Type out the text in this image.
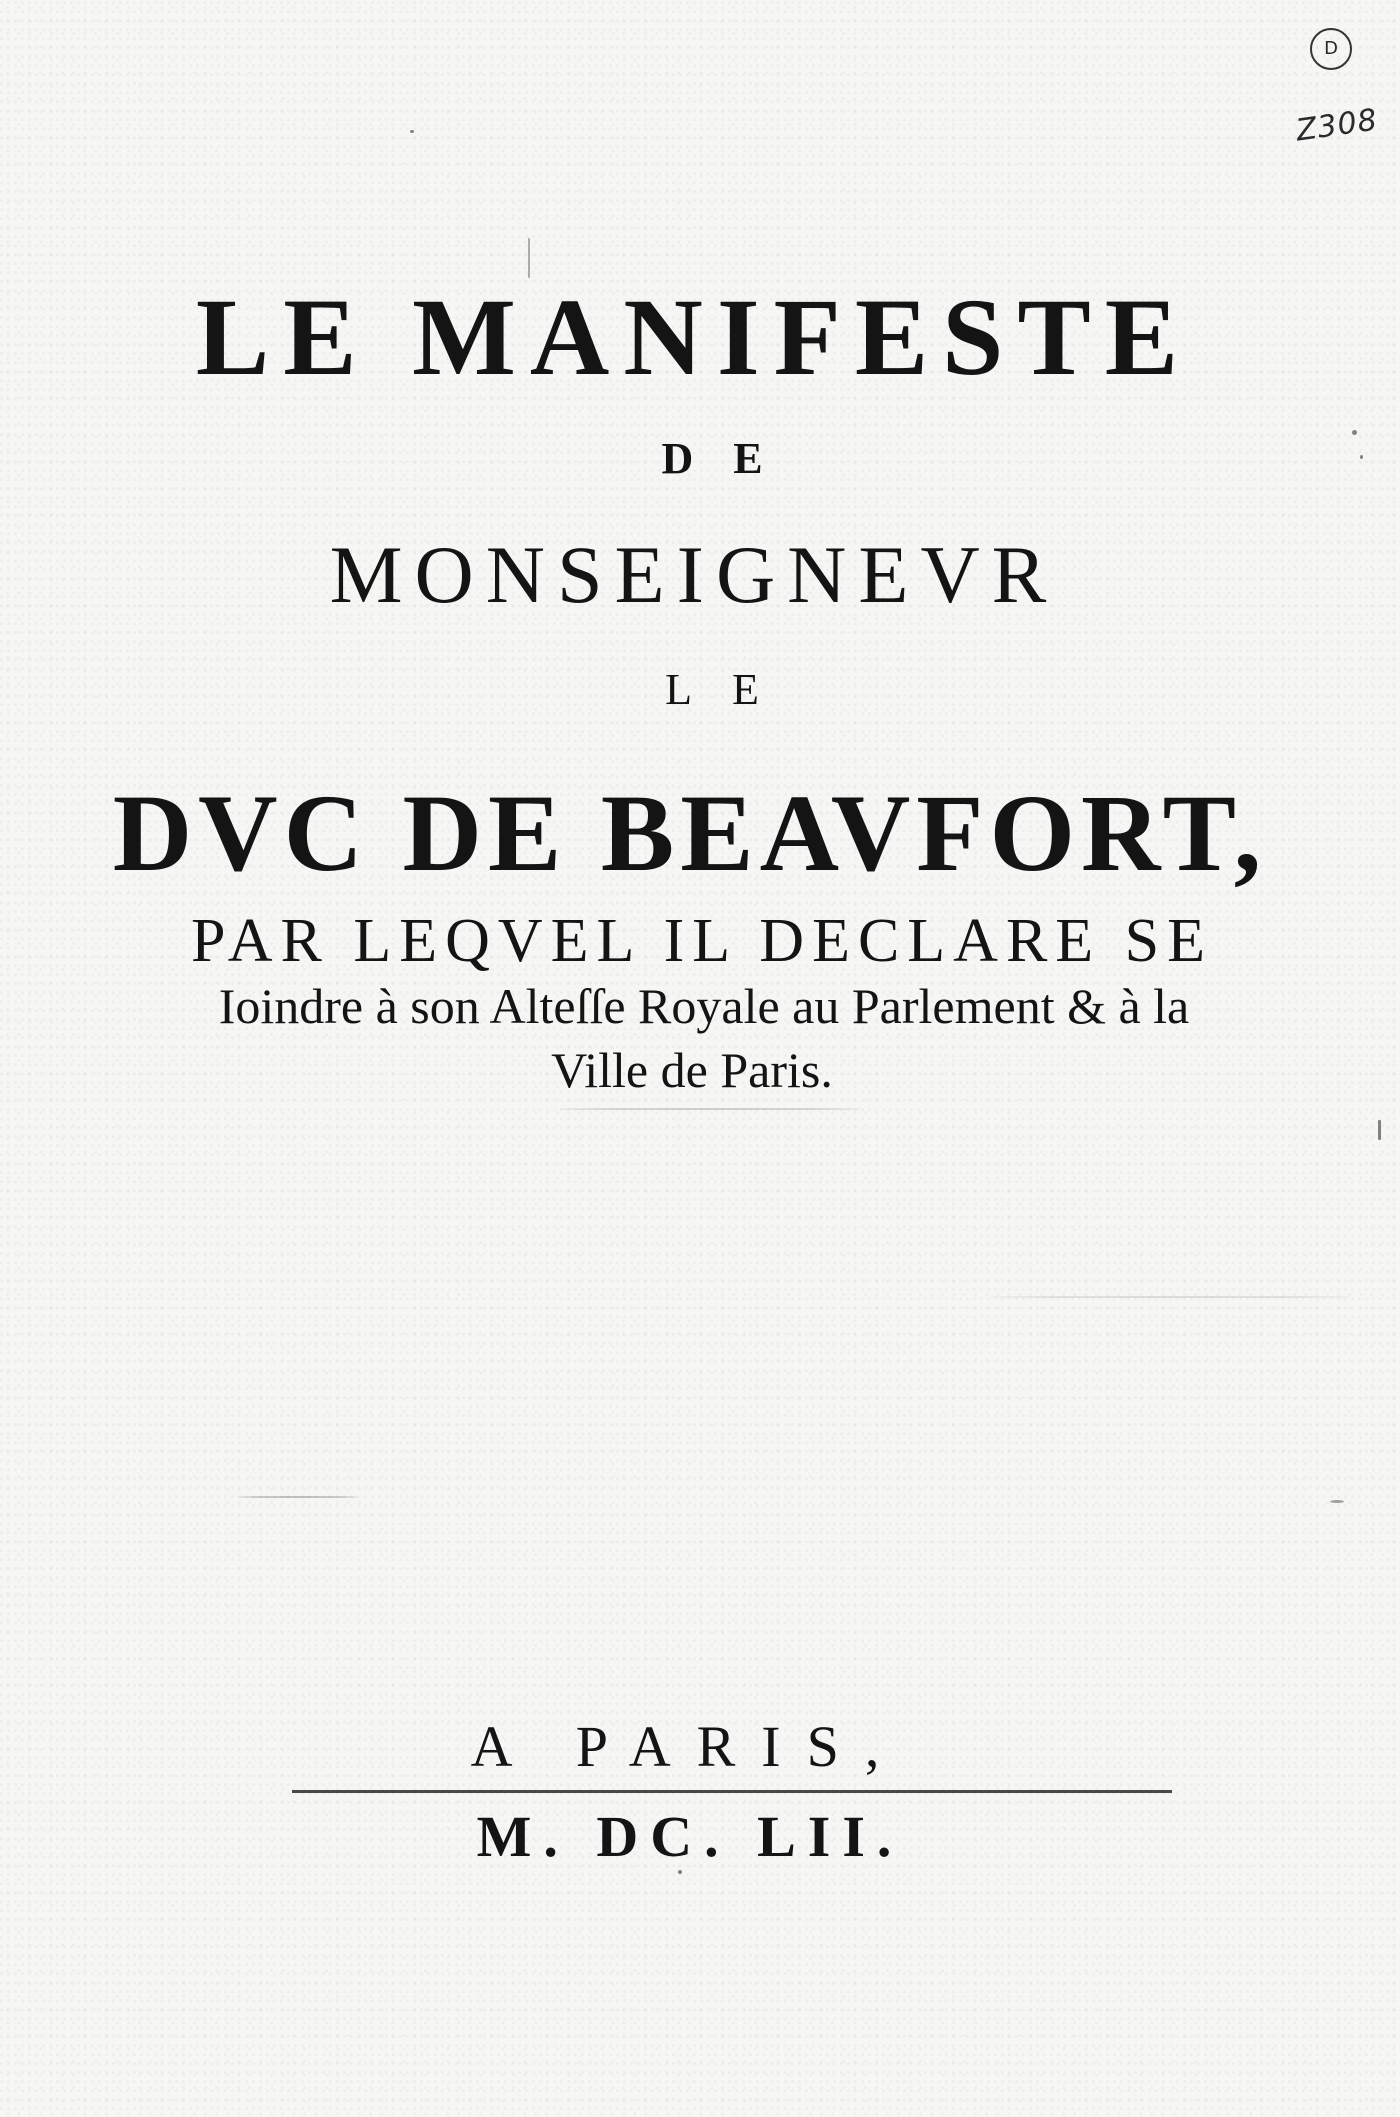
D
Z308
LE MANIFESTE
DE
MONSEIGNEVR
LE
DVC DE BEAVFORT,
PAR LEQVEL IL DECLARE SE
Ioindre à son Alteſſe Royale au Parlement & à la
Ville de Paris.
A PARIS,
M. DC. LII.
